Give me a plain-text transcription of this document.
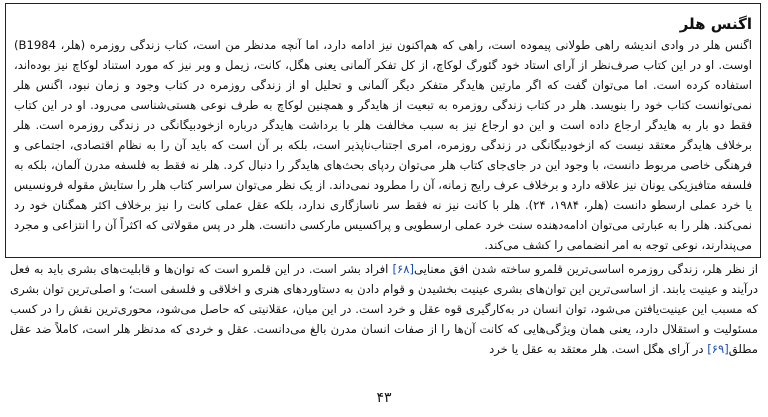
اگنس هلر

اگنس هلر در وادی اندیشه راهی طولانی پیموده است، راهی که هم‌اکنون نیز ادامه دارد، اما آنچه مدنظر من است، کتاب زندگی روزمره (هلر، B1984) اوست. او در این کتاب صرف‌نظر از آرای استاد خود گئورگ لوکاچ، از کل تفکر آلمانی یعنی هگل، کانت، زیمل و وبر نیز که مورد استناد لوکاچ نیز بوده‌اند، استفاده کرده است. اما می‌توان گفت که اگر مارتین هایدگر متفکر دیگر آلمانی و تحلیل او از زندگی روزمره در کتاب وجود و زمان نبود، اگنس هلر نمی‌توانست کتاب خود را بنویسد. هلر در کتاب زندگی روزمره به تبعیت از هایدگر و همچنین لوکاچ به طرف نوعی هستی‌شناسی می‌رود. او در این کتاب فقط دو بار به هایدگر ارجاع داده است و این دو ارجاع نیز به سبب مخالفت هلر با برداشت هایدگر درباره ازخودبیگانگی در زندگی روزمره است. هلر برخلاف هایدگر معتقد نیست که ازخودبیگانگی در زندگی روزمره، امری اجتناب‌ناپذیر است، بلکه بر آن است که باید آن را به نظام اقتصادی، اجتماعی و فرهنگی خاصی مربوط دانست، با وجود این در جای‌جای کتاب هلر می‌توان ردپای بحث‌های هایدگر را دنبال کرد. هلر نه فقط به فلسفه مدرن آلمان، بلکه به فلسفه متافیزیکی یونان نیز علاقه دارد و برخلاف عرف رایج زمانه، آن را مطرود نمی‌داند. از یک نظر می‌توان سراسر کتاب هلر را ستایش مقوله فرونسیس یا خرد عملی ارسطو دانست (هلر، ۱۹۸۴، ۲۴). هلر با کانت نیز نه فقط سر ناسازگاری ندارد، بلکه عقل عملی کانت را نیز برخلاف اکثر همگنان خود رد نمی‌کند. هلر را به عبارتی می‌توان ادامه‌دهنده سنت خرد عملی ارسطویی و پراکسیس مارکسی دانست. هلر در پس مقولاتی که اکثراً آن را انتزاعی و مجرد می‌پندارند، نوعی توجه به امر انضمامی را کشف می‌کند.

از نظر هلر، زندگی روزمره اساسی‌ترین قلمرو ساخته شدن افق معنایی[۶۸] افراد بشر است. در این قلمرو است که توان‌ها و قابلیت‌های بشری باید به فعل درآیند و عینیت یابند. از اساسی‌ترین این توان‌های بشری عینیت بخشیدن و قوام دادن به دستاوردهای هنری و اخلاقی و فلسفی است؛ و اصلی‌ترین توان بشری که مسبب این عینیت‌یافتن می‌شود، توان انسان در به‌کارگیری قوه عقل و خرد است. در این میان، عقلانیتی که حاصل می‌شود، محوری‌ترین نقش را در کسب مسئولیت و استقلال دارد، یعنی همان ویژگی‌هایی که کانت آن‌ها را از صفات انسان مدرن بالغ می‌دانست. عقل و خردی که مدنظر هلر است، کاملاً ضد عقل مطلق[۶۹] در آرای هگل است. هلر معتقد به عقل یا خرد

۴۳
